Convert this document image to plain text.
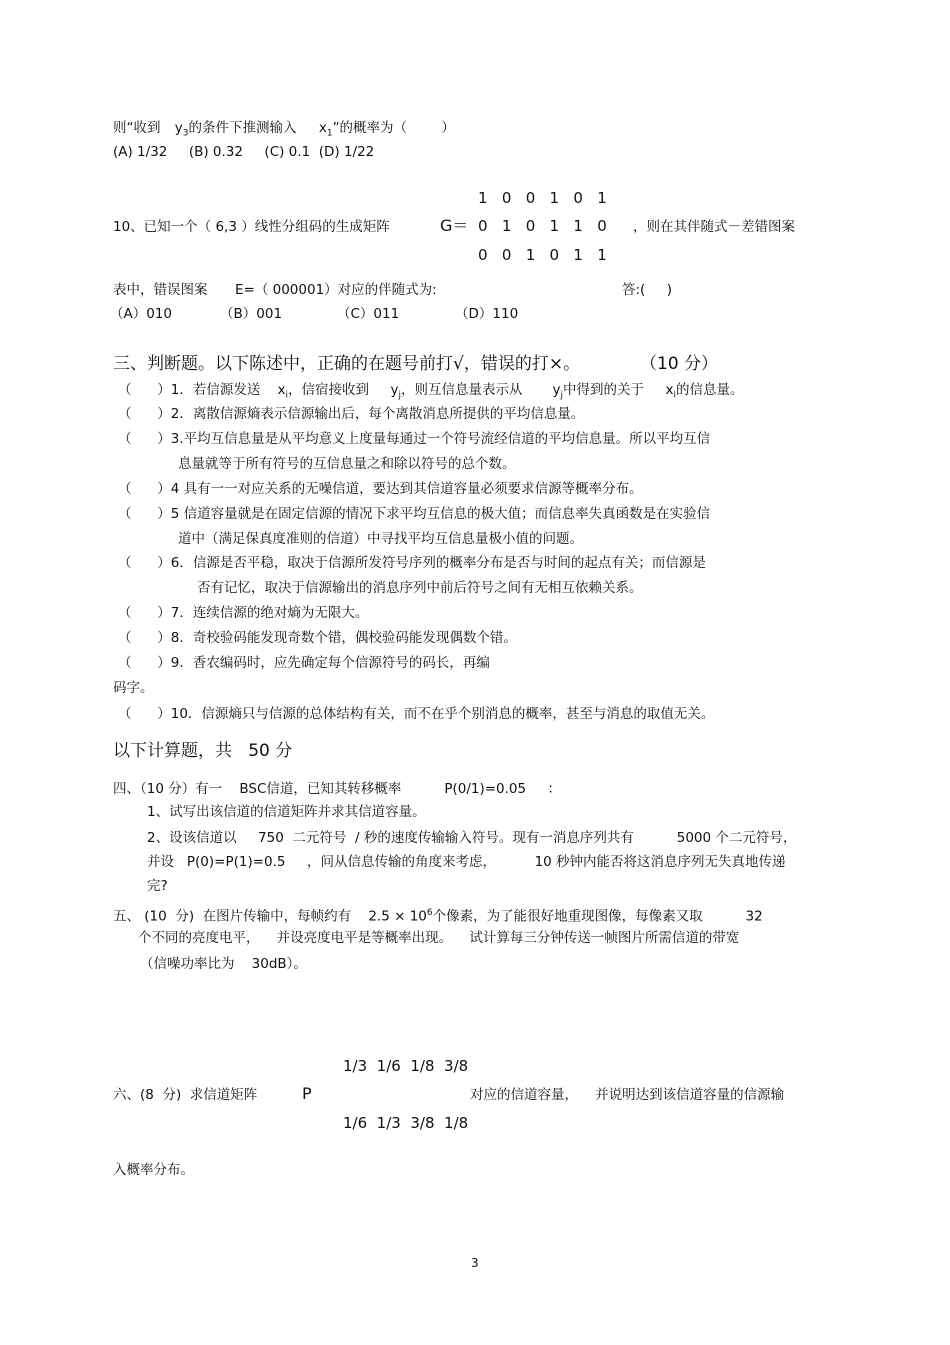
则“收到 $y_3$的条件下推测输入 $x_1$”的概率为（	）
(A) 1/32     (B) 0.32     (C) 0.1  (D) 1/22
1   0   0   1   0   1
10、已知一个（ 6,3 ）线性分组码的生成矩阵	G＝ 0   1   0   1   1   0 ，则在其伴随式－差错图案
0   0   1   0   1   1
表中，错误图案 E=（ 000001）对应的伴随式为:	答:(     )
（A）010	（B）001	（C）011	（D）110
三、判断题。以下陈述中，正确的在题号前打√，错误的打×。	（10 分）
（      ）1．若信源发送    $x_i$，信宿接收到     $y_j$，则互信息量表示从       $y_j$中得到的关于     $x_i$的信息量。
（      ）2．离散信源熵表示信源输出后，每个离散消息所提供的平均信息量。
（      ）3.平均互信息量是从平均意义上度量每通过一个符号流经信道的平均信息量。所以平均互信
息量就等于所有符号的互信息量之和除以符号的总个数。
（      ）4 具有一一对应关系的无噪信道，要达到其信道容量必须要求信源等概率分布。
（      ）5 信道容量就是在固定信源的情况下求平均互信息的极大值；而信息率失真函数是在实验信
道中（满足保真度准则的信道）中寻找平均互信息量极小值的问题。
（      ）6．信源是否平稳，取决于信源所发符号序列的概率分布是否与时间的起点有关；而信源是
否有记忆，取决于信源输出的消息序列中前后符号之间有无相互依赖关系。
（      ）7．连续信源的绝对熵为无限大。
（      ）8．奇校验码能发现奇数个错，偶校验码能发现偶数个错。
（      ）9．香农编码时，应先确定每个信源符号的码长，再编
码字。
（      ）10．信源熵只与信源的总体结构有关，而不在乎个别消息的概率，甚至与消息的取值无关。
以下计算题，共   50 分
四、（10 分）有一    BSC信道，已知其转移概率          P(0/1)=0.05     ：
1、试写出该信道的信道矩阵并求其信道容量。
2、设该信道以     750  二元符号  / 秒的速度传输输入符号。现有一消息序列共有          5000 个二元符号，
并设   P(0)=P(1)=0.5     ，问从信息传输的角度来考虑，         10 秒钟内能否将这消息序列无失真地传递
完?
五、 (10  分)  在图片传输中，每帧约有 $2.5 \times 10^6$个像素，为了能很好地重现图像，每像素又取	32
个不同的亮度电平，    并设亮度电平是等概率出现。    试计算每三分钟传送一帧图片所需信道的带宽
（信噪功率比为    30dB）。
1/3  1/6  1/8  3/8
六、(8  分)  求信道矩阵	P	对应的信道容量，    并说明达到该信道容量的信源输
1/6  1/3  3/8  1/8
入概率分布。
3
